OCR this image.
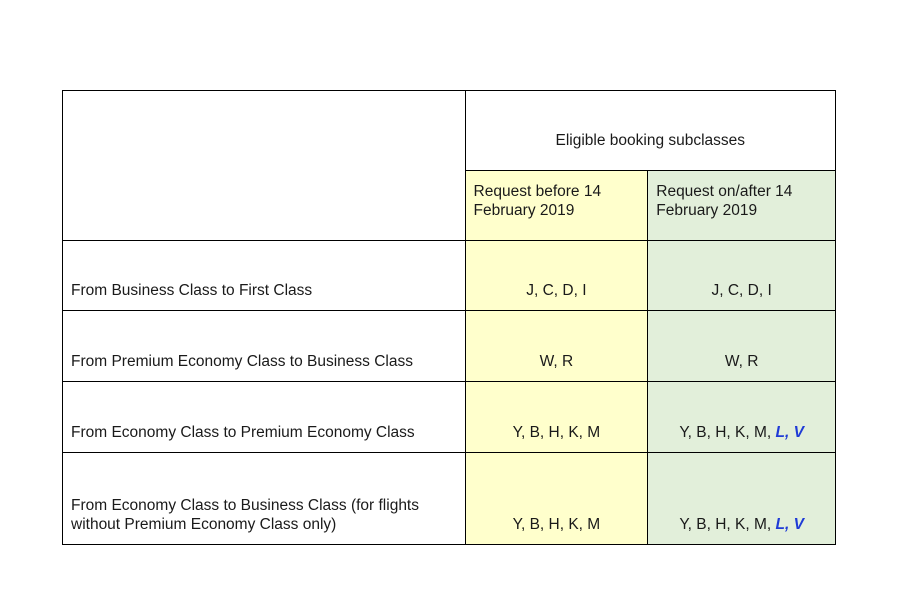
	Eligible booking subclasses	
	Request before 14 February 2019	Request on/after 14 February 2019
From Business Class to First Class	J, C, D, I	J, C, D, I
From Premium Economy Class to Business Class	W, R	W, R
From Economy Class to Premium Economy Class	Y, B, H, K, M	Y, B, H, K, M, L, V
From Economy Class to Business Class (for flights without Premium Economy Class only)	Y, B, H, K, M	Y, B, H, K, M, L, V
